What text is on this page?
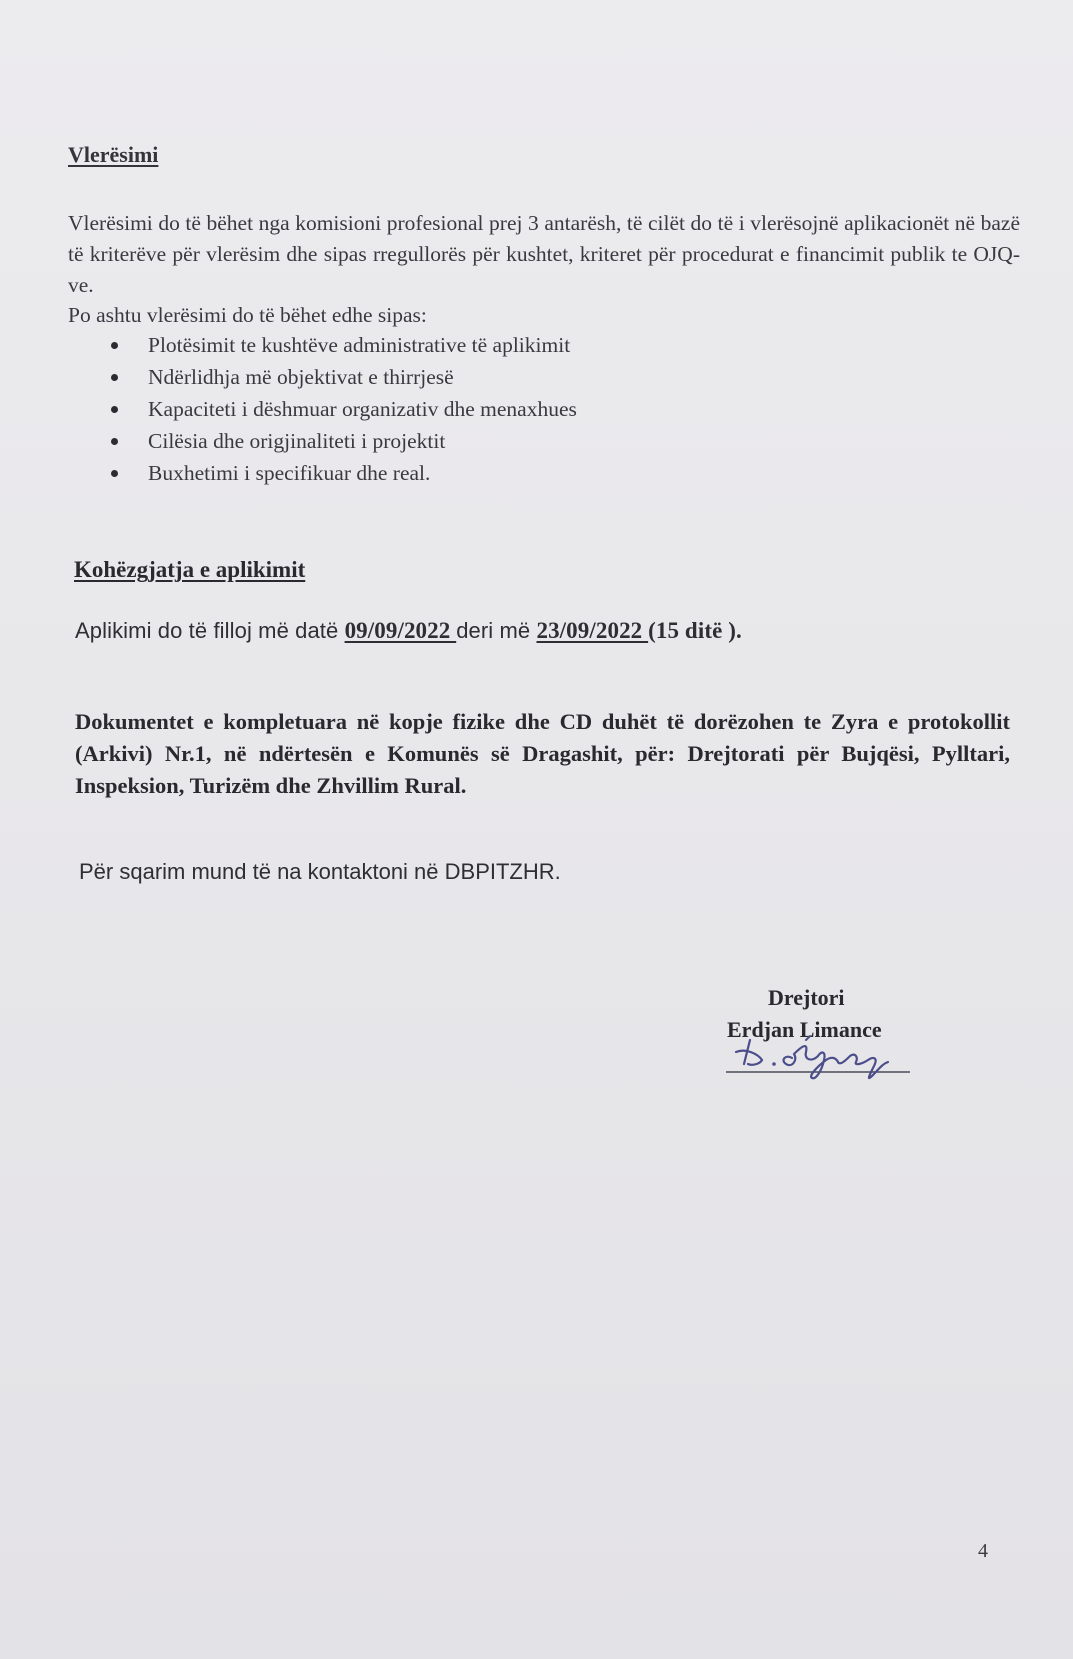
Vlerësimi

Vlerësimi do të bëhet nga komisioni profesional prej 3 antarësh, të cilët do të i vlerësojnë aplikacionët në bazë të kriterëve për vlerësim dhe sipas rregullorës për kushtet, kriteret për procedurat e financimit publik te OJQ-ve.

Po ashtu vlerësimi do të bëhet edhe sipas:

Plotësimit te kushtëve administrative të aplikimit
Ndërlidhja më objektivat e thirrjesë
Kapaciteti i dëshmuar organizativ dhe menaxhues
Cilësia dhe origjinaliteti i projektit
Buxhetimi i specifikuar dhe real.
Kohëzgjatja e aplikimit

Aplikimi do të filloj më datë 09/09/2022 deri më 23/09/2022 (15 ditë ).

Dokumentet e kompletuara në kopje fizike dhe CD duhët të dorëzohen te Zyra e protokollit (Arkivi) Nr.1, në ndërtesën e Komunës së Dragashit, për: Drejtorati për Bujqësi, Pylltari, Inspeksion, Turizëm dhe Zhvillim Rural.

Për sqarim mund të na kontaktoni në DBPITZHR.

Drejtori

Erdjan Limance

4
